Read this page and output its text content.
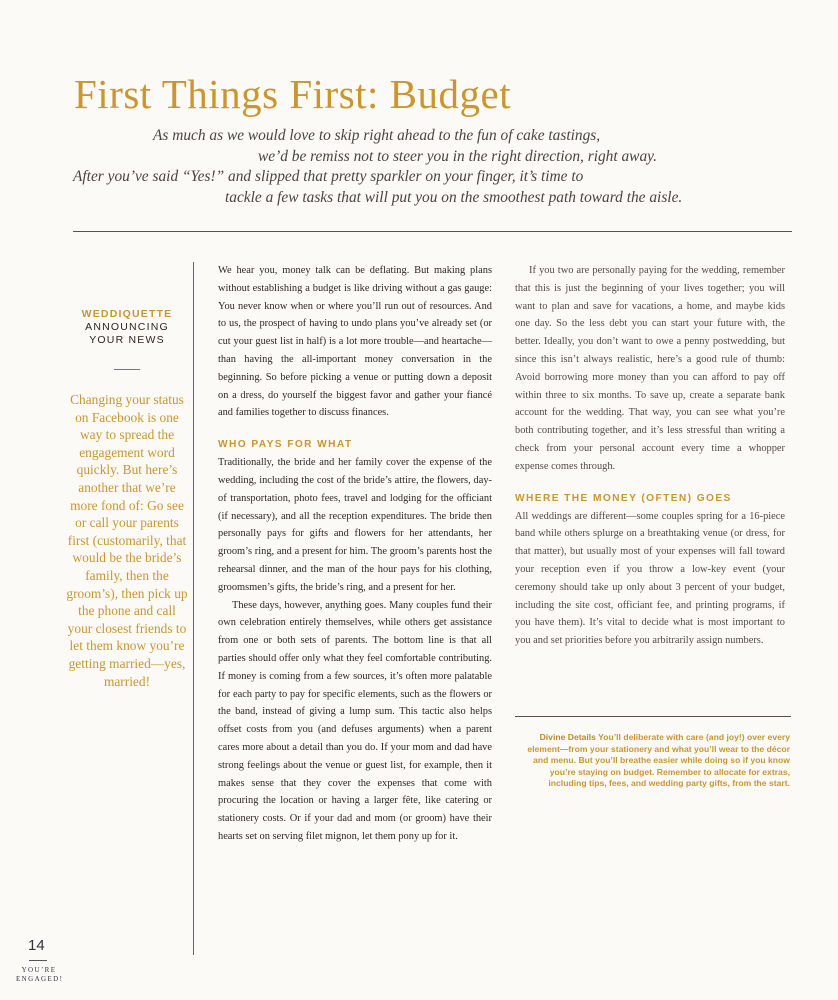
First Things First: Budget
As much as we would love to skip right ahead to the fun of cake tastings,
we’d be remiss not to steer you in the right direction, right away.
After you’ve said “Yes!” and slipped that pretty sparkler on your finger, it’s time to
tackle a few tasks that will put you on the smoothest path toward the aisle.
WEDDIQUETTE
ANNOUNCING
YOUR NEWS
Changing your status on Facebook is one way to spread the engagement word quickly. But here’s another that we’re more fond of: Go see or call your parents first (customarily, that would be the bride’s family, then the groom’s), then pick up the phone and call your closest friends to let them know you’re getting married—yes, married!

We hear you, money talk can be deflating. But making plans without establishing a budget is like driving without a gas gauge: You never know when or where you’ll run out of resources. And to us, the prospect of having to undo plans you’ve already set (or cut your guest list in half) is a lot more trouble—and heartache—than having the all-important money conversation in the beginning. So before picking a venue or putting down a deposit on a dress, do yourself the biggest favor and gather your fiancé and families together to discuss finances.

WHO PAYS FOR WHAT

Traditionally, the bride and her family cover the expense of the wedding, including the cost of the bride’s attire, the flowers, day-of transportation, photo fees, travel and lodging for the officiant (if necessary), and all the reception expenditures. The bride then personally pays for gifts and flowers for her attendants, her groom’s ring, and a present for him. The groom’s parents host the rehearsal dinner, and the man of the hour pays for his clothing, groomsmen’s gifts, the bride’s ring, and a present for her.

These days, however, anything goes. Many couples fund their own celebration entirely themselves, while others get assistance from one or both sets of parents. The bottom line is that all parties should offer only what they feel comfortable contributing. If money is coming from a few sources, it’s often more palatable for each party to pay for specific elements, such as the flowers or the band, instead of giving a lump sum. This tactic also helps offset costs from you (and defuses arguments) when a parent cares more about a detail than you do. If your mom and dad have strong feelings about the venue or guest list, for example, then it makes sense that they cover the expenses that come with procuring the location or having a larger fête, like catering or stationery costs. Or if your dad and mom (or groom) have their hearts set on serving filet mignon, let them pony up for it.

If you two are personally paying for the wedding, remember that this is just the beginning of your lives together; you will want to plan and save for vacations, a home, and maybe kids one day. So the less debt you can start your future with, the better. Ideally, you don’t want to owe a penny postwedding, but since this isn’t always realistic, here’s a good rule of thumb: Avoid borrowing more money than you can afford to pay off within three to six months. To save up, create a separate bank account for the wedding. That way, you can see what you’re both contributing together, and it’s less stressful than writing a check from your personal account every time a whopper expense comes through.

WHERE THE MONEY (OFTEN) GOES

All weddings are different—some couples spring for a 16-piece band while others splurge on a breathtaking venue (or dress, for that matter), but usually most of your expenses will fall toward your reception even if you throw a low-key event (your ceremony should take up only about 3 percent of your budget, including the site cost, officiant fee, and printing programs, if you have them). It’s vital to decide what is most important to you and set priorities before you arbitrarily assign numbers.

Divine Details You’ll deliberate with care (and joy!) over every element—from your stationery and what you’ll wear to the décor and menu. But you’ll breathe easier while doing so if you know you’re staying on budget. Remember to allocate for extras, including tips, fees, and wedding party gifts, from the start.

14
YOU’RE
ENGAGED!
